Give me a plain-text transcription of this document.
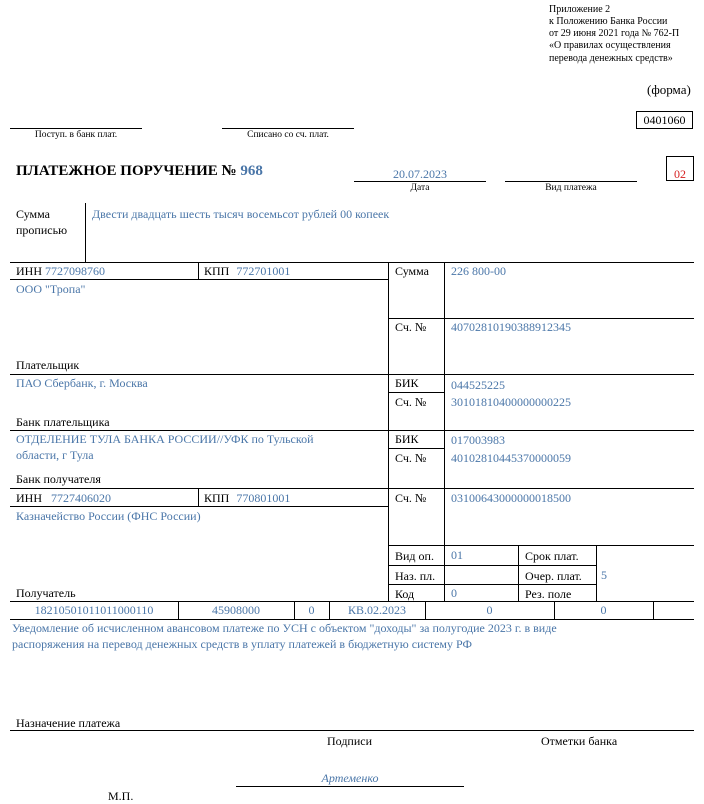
Приложение 2
к Положению Банка России
от 29 июня 2021 года № 762-П
«О правилах осуществления
перевода денежных средств»
(форма)
0401060
Поступ. в банк плат.	Списано со сч. плат.
ПЛАТЕЖНОЕ ПОРУЧЕНИЕ № 968	20.07.2023
Дата	Вид платежа
02
Сумма
прописью
Двести двадцать шесть тысяч восемьсот рублей 00 копеек
ИНН 7727098760	КПП 772701001
ООО "Тропа"
Плательщик
Сумма 226 800-00
Сч. № 40702810190388912345
ПАО Сбербанк, г. Москва
Банк плательщика
БИК	044525225
Сч. № 30101810400000000225
ОТДЕЛЕНИЕ ТУЛА БАНКА РОССИИ//УФК по Тульской
области, г Тула
Банк получателя
БИК	017003983
Сч. № 40102810445370000059
ИНН 7727406020	КПП 770801001
Казначейство России (ФНС России)
Получатель
Сч. № 03100643000000018500
Вид оп. 01
Наз. пл.
Код	0
Срок плат.
Очер. плат. 5
Рез. поле
18210501011011000110	45908000	0	КВ.02.2023	0	0
Уведомление об исчисленном авансовом платеже по УСН с объектом "доходы" за полугодие 2023 г. в виде
распоряжения на перевод денежных средств в уплату платежей в бюджетную систему РФ
Назначение платежа
Подписи	Отметки банка
Артеменко
М.П.
